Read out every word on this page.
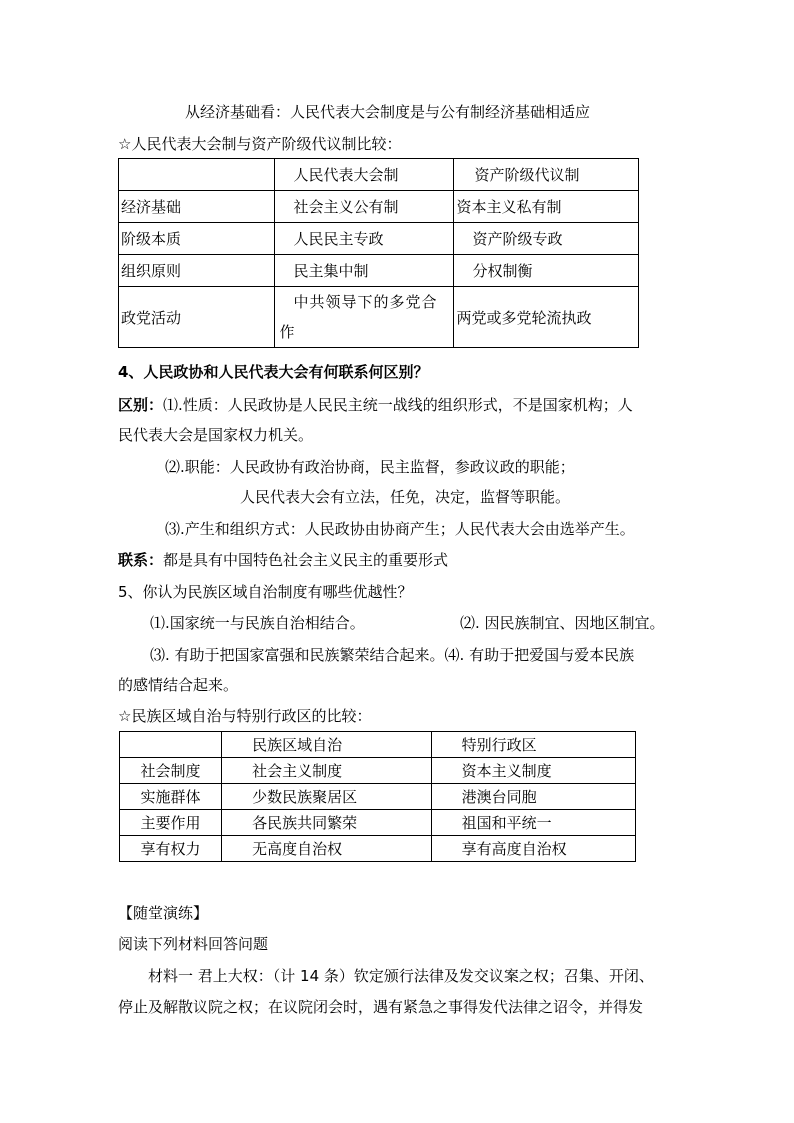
从经济基础看：人民代表大会制度是与公有制经济基础相适应
☆人民代表大会制与资产阶级代议制比较：
	人民代表大会制	资产阶级代议制
经济基础	社会主义公有制	资本主义私有制
阶级本质	人民民主专政	资产阶级专政
组织原则	民主集中制	分权制衡
政党活动	中共领导下的多党合作	两党或多党轮流执政
4、人民政协和人民代表大会有何联系何区别？
区别：⑴.性质：人民政协是人民民主统一战线的组织形式，不是国家机构；人
民代表大会是国家权力机关。
⑵.职能：人民政协有政治协商，民主监督，参政议政的职能；
人民代表大会有立法，任免，决定，监督等职能。
⑶.产生和组织方式：人民政协由协商产生；人民代表大会由选举产生。
联系：都是具有中国特色社会主义民主的重要形式
5、你认为民族区域自治制度有哪些优越性？
⑴.国家统一与民族自治相结合。	⑵. 因民族制宜、因地区制宜。
⑶. 有助于把国家富强和民族繁荣结合起来。⑷. 有助于把爱国与爱本民族
的感情结合起来。
☆民族区域自治与特别行政区的比较：
	民族区域自治	特别行政区
社会制度	社会主义制度	资本主义制度
实施群体	少数民族聚居区	港澳台同胞
主要作用	各民族共同繁荣	祖国和平统一
享有权力	无高度自治权	享有高度自治权
【随堂演练】
阅读下列材料回答问题
材料一 君上大权：（计 14 条）钦定颁行法律及发交议案之权；召集、开闭、
停止及解散议院之权；在议院闭会时，遇有紧急之事得发代法律之诏令，并得发
